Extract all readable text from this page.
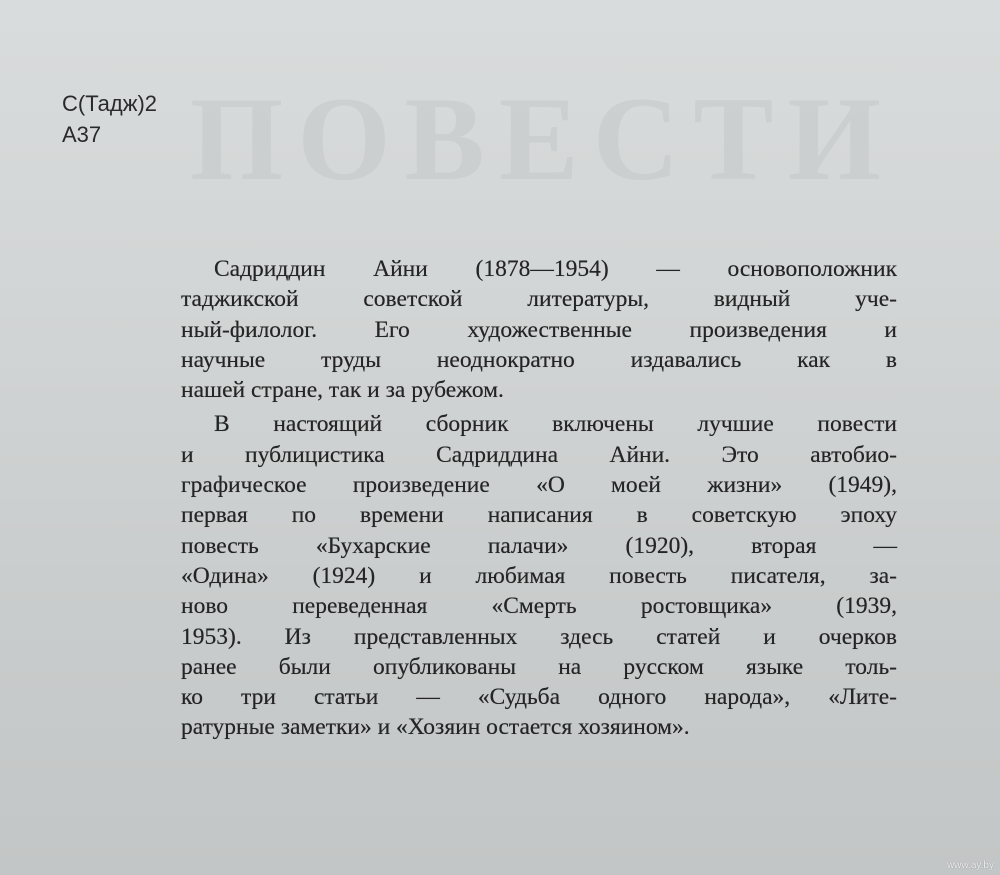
ПОВЕСТИ
С(Тадж)2
А37
Садриддин Айни (1878—1954) — основоположник
таджикской советской литературы, видный уче-
ный-филолог. Его художественные произведения и
научные труды неоднократно издавались как в
нашей стране, так и за рубежом.
В настоящий сборник включены лучшие повести
и публицистика Садриддина Айни. Это автобио-
графическое произведение «О моей жизни» (1949),
первая по времени написания в советскую эпоху
повесть «Бухарские палачи» (1920), вторая —
«Одина» (1924) и любимая повесть писателя, за-
ново переведенная «Смерть ростовщика» (1939,
1953). Из представленных здесь статей и очерков
ранее были опубликованы на русском языке толь-
ко три статьи — «Судьба одного народа», «Лите-
ратурные заметки» и «Хозяин остается хозяином».
www.ay.by
